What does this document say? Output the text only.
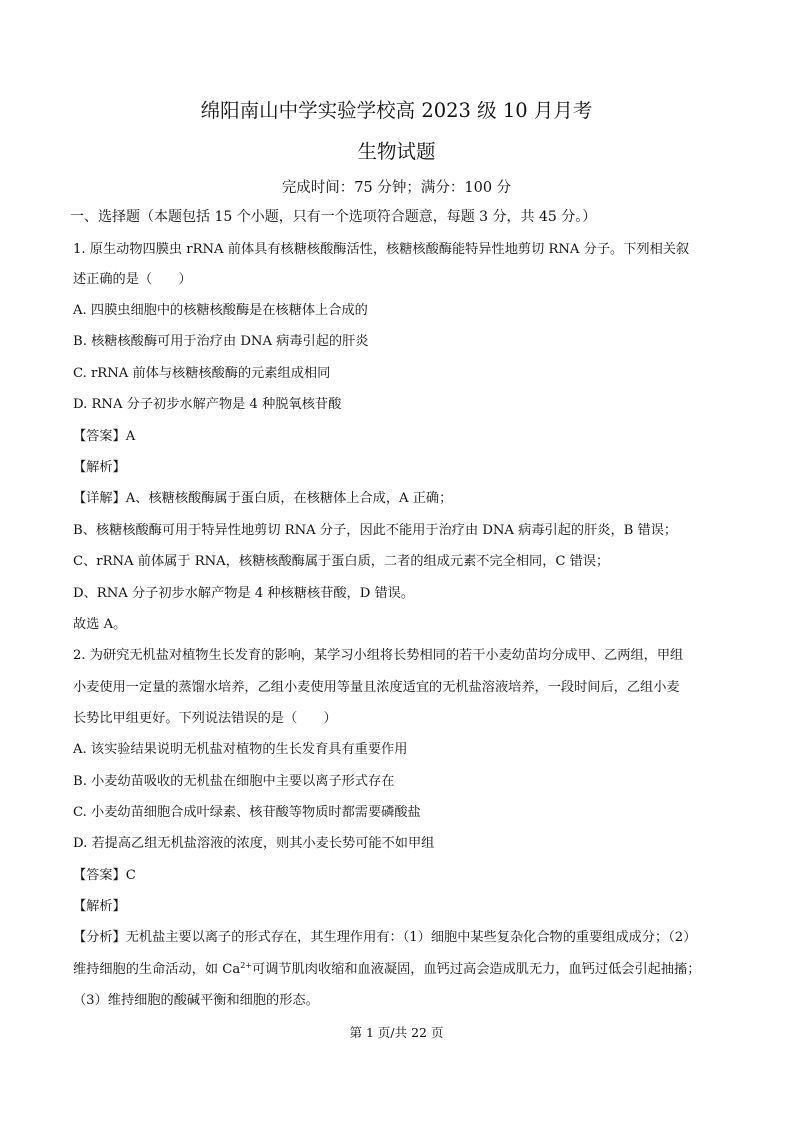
绵阳南山中学实验学校高 2023 级 10 月月考
生物试题
完成时间：75 分钟；满分：100 分
一、选择题（本题包括 15 个小题，只有一个选项符合题意，每题 3 分，共 45 分。）
1. 原生动物四膜虫 rRNA 前体具有核糖核酸酶活性，核糖核酸酶能特异性地剪切 RNA 分子。下列相关叙
述正确的是（　　）
A. 四膜虫细胞中的核糖核酸酶是在核糖体上合成的
B. 核糖核酸酶可用于治疗由 DNA 病毒引起的肝炎
C. rRNA 前体与核糖核酸酶的元素组成相同
D. RNA 分子初步水解产物是 4 种脱氧核苷酸
【答案】A
【解析】
【详解】A、核糖核酸酶属于蛋白质，在核糖体上合成，A 正确；
B、核糖核酸酶可用于特异性地剪切 RNA 分子，因此不能用于治疗由 DNA 病毒引起的肝炎，B 错误；
C、rRNA 前体属于 RNA，核糖核酸酶属于蛋白质，二者的组成元素不完全相同，C 错误；
D、RNA 分子初步水解产物是 4 种核糖核苷酸，D 错误。
故选 A。
2. 为研究无机盐对植物生长发育的影响，某学习小组将长势相同的若干小麦幼苗均分成甲、乙两组，甲组
小麦使用一定量的蒸馏水培养，乙组小麦使用等量且浓度适宜的无机盐溶液培养，一段时间后，乙组小麦
长势比甲组更好。下列说法错误的是（　　）
A. 该实验结果说明无机盐对植物的生长发育具有重要作用
B. 小麦幼苗吸收的无机盐在细胞中主要以离子形式存在
C. 小麦幼苗细胞合成叶绿素、核苷酸等物质时都需要磷酸盐
D. 若提高乙组无机盐溶液的浓度，则其小麦长势可能不如甲组
【答案】C
【解析】
【分析】无机盐主要以离子的形式存在，其生理作用有：（1）细胞中某些复杂化合物的重要组成成分；（2）
维持细胞的生命活动，如 $Ca^{2+}$可调节肌肉收缩和血液凝固，血钙过高会造成肌无力，血钙过低会引起抽搐；
（3）维持细胞的酸碱平衡和细胞的形态。
第 1 页/共 22 页
